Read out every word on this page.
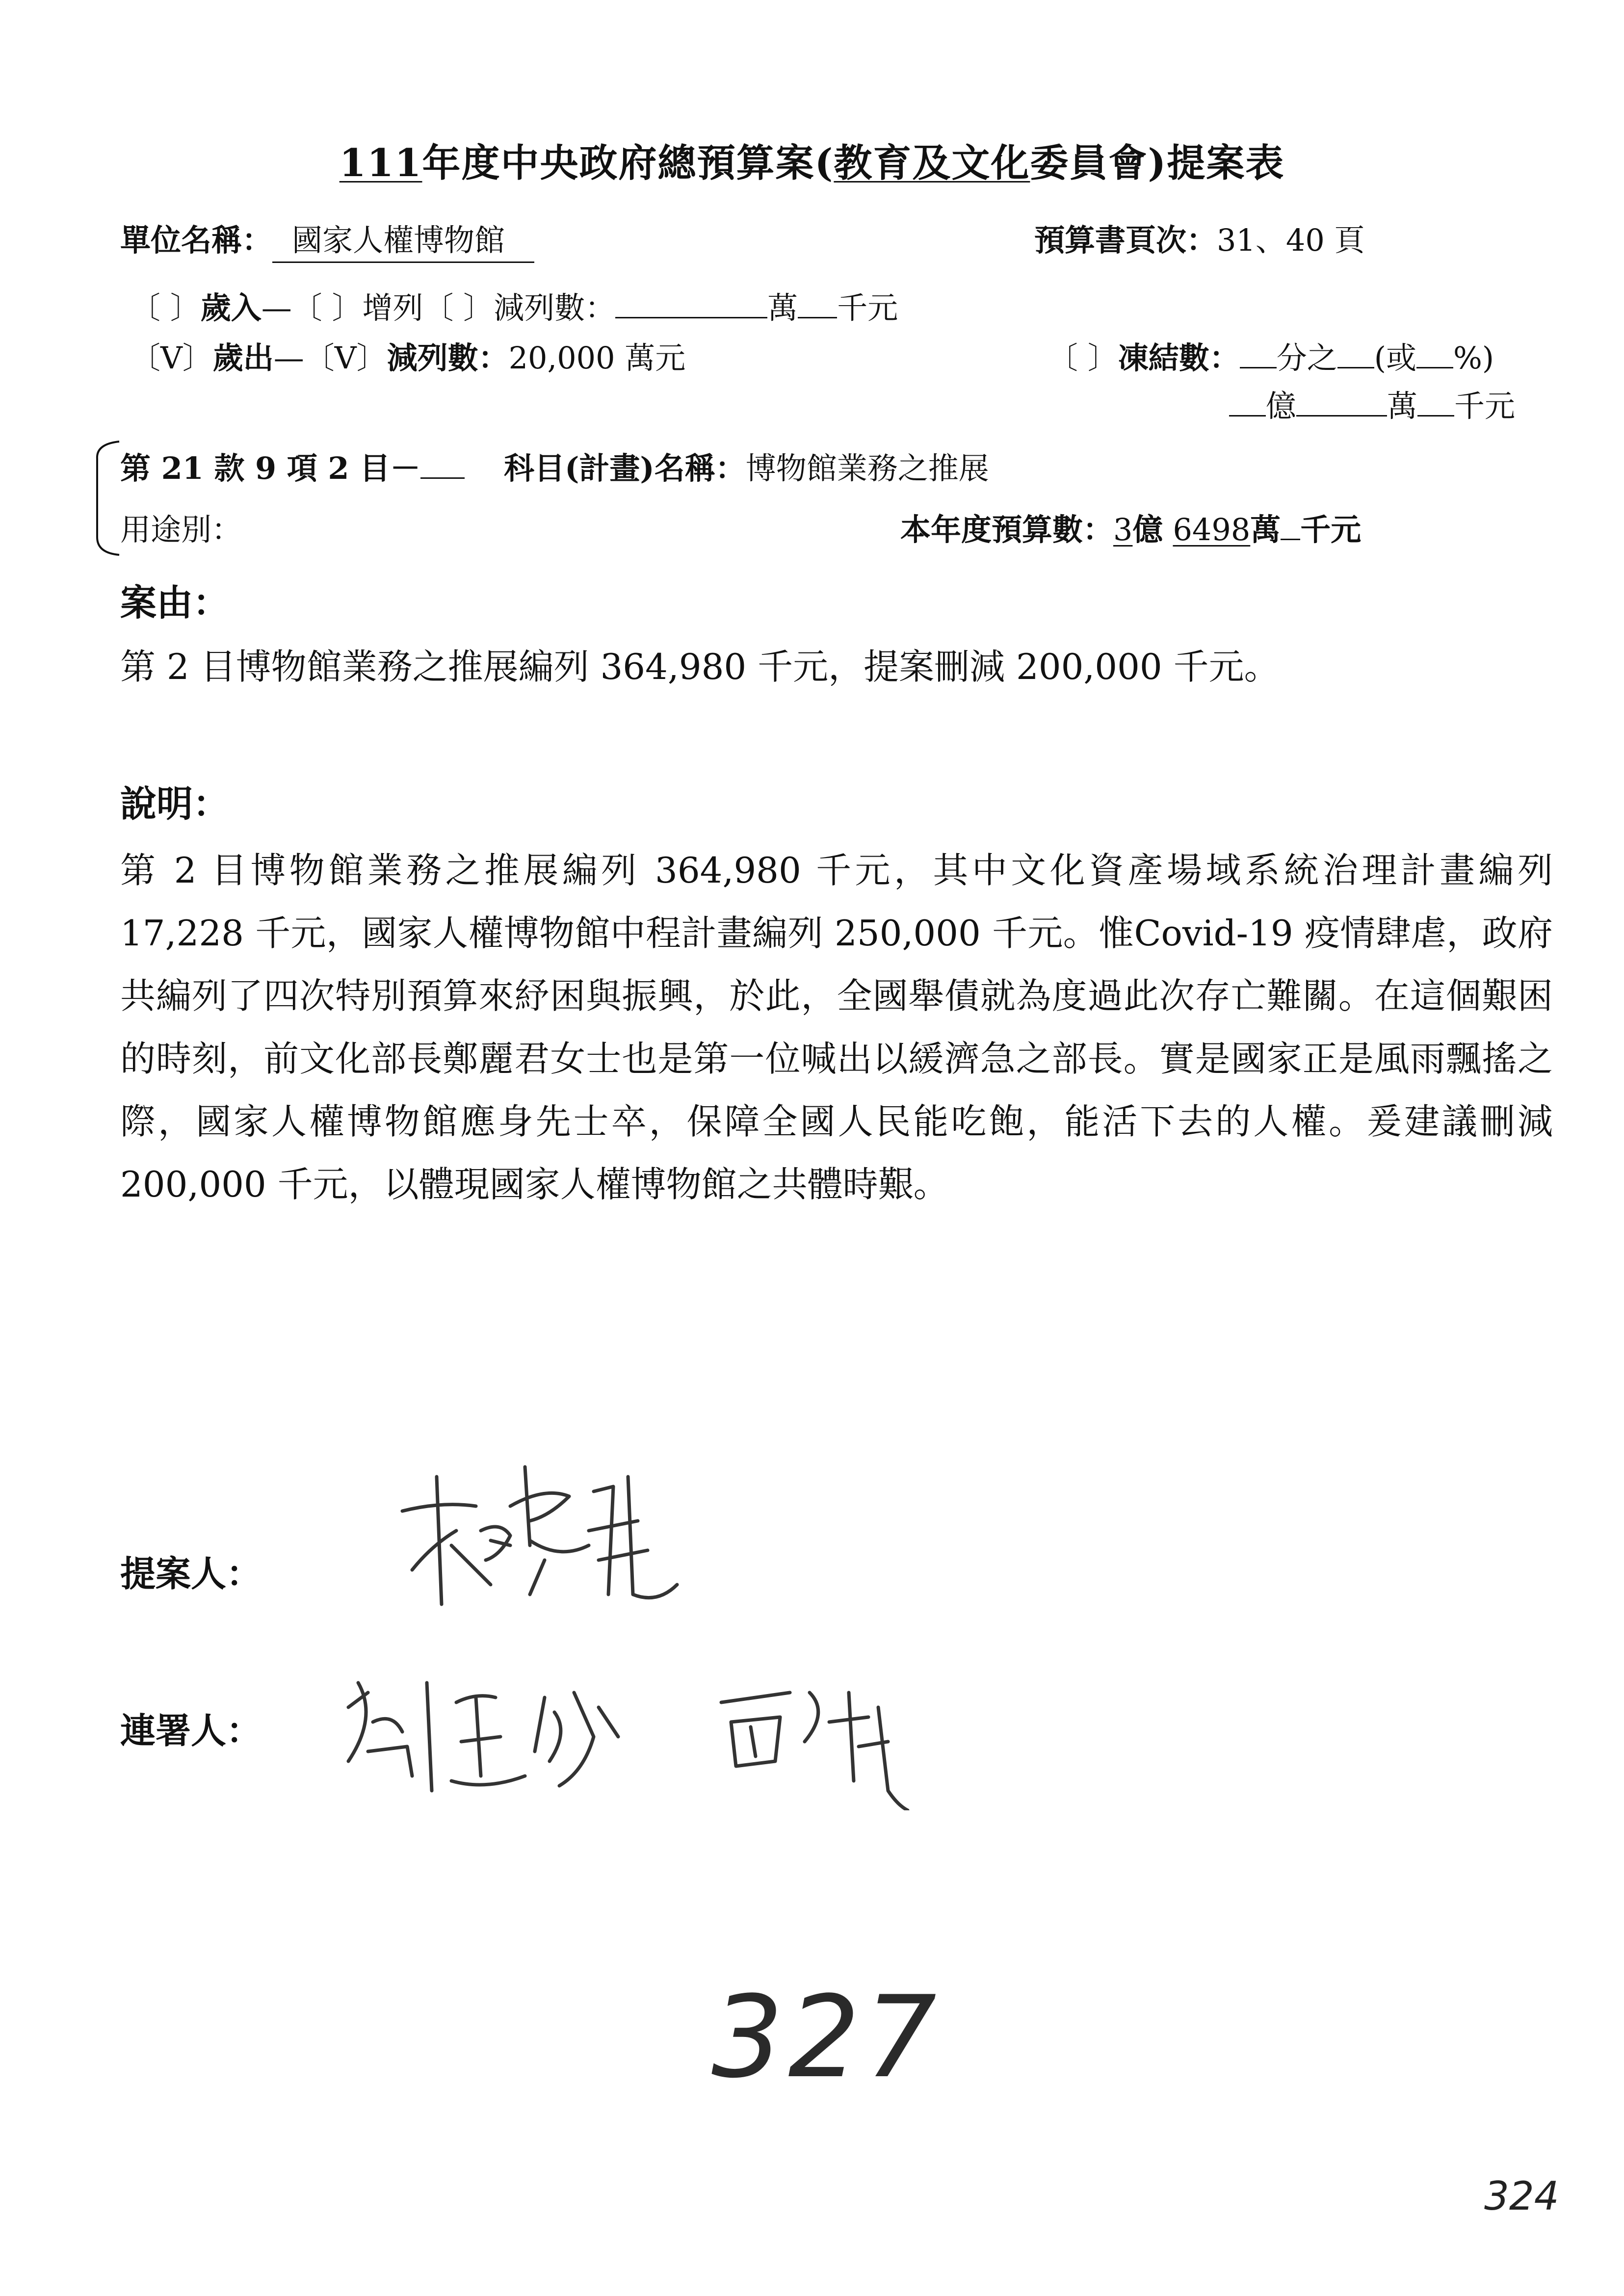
111年度中央政府總預算案(教育及文化委員會)提案表
單位名稱： 國家人權博物館	預算書頁次：31、40 頁
〔 〕歲入—〔 〕增列〔 〕減列數：	萬 千元
〔V〕歲出—〔V〕減列數：20,000 萬元	〔 〕凍結數： 分之 (或 %)
億	萬 千元
第 21 款 9 項 2 目－	科目(計畫)名稱：博物館業務之推展
用途別：	本年度預算數：3億 6498萬 千元
案由：
第 2 目博物館業務之推展編列 364,980 千元，提案刪減 200,000 千元。
說明：
第 2 目博物館業務之推展編列 364,980 千元，其中文化資產場域系統治理計畫編列 17,228 千元，國家人權博物館中程計畫編列 250,000 千元。惟Covid-19 疫情肆虐，政府共編列了四次特別預算來紓困與振興，於此，全國舉債就為度過此次存亡難關。在這個艱困的時刻，前文化部長鄭麗君女士也是第一位喊出以緩濟急之部長。實是國家正是風雨飄搖之際，國家人權博物館應身先士卒，保障全國人民能吃飽，能活下去的人權。爰建議刪減 200,000 千元，以體現國家人權博物館之共體時艱。
提案人：
連署人：
327
324
